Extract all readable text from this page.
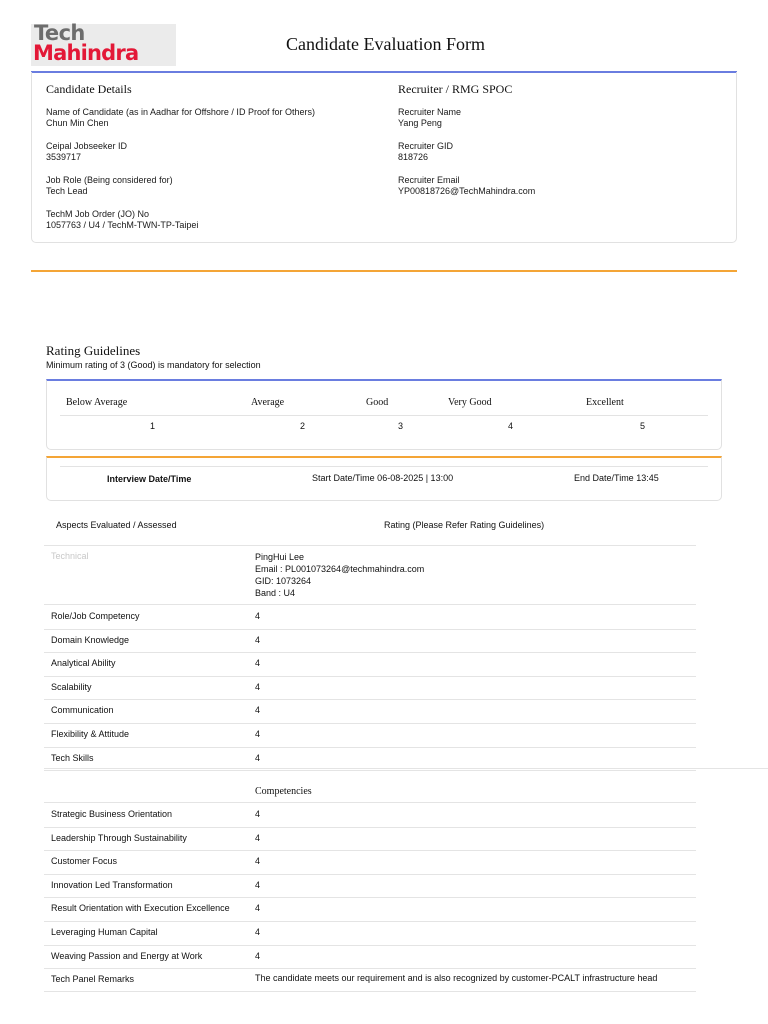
Tech
Mahindra	Candidate Evaluation Form
Candidate Details
Name of Candidate (as in Aadhar for Offshore / ID Proof for Others)
Chun Min Chen
Ceipal Jobseeker ID
3539717
Job Role (Being considered for)
Tech Lead
TechM Job Order (JO) No
1057763 / U4 / TechM-TWN-TP-Taipei
Recruiter / RMG SPOC
Recruiter Name
Yang Peng
Recruiter GID
818726
Recruiter Email
YP00818726@TechMahindra.com
Rating Guidelines
Minimum rating of 3 (Good) is mandatory for selection
Below Average	Average	Good	Very Good	Excellent
1	2	3	4	5
Interview Date/Time	Start Date/Time 06-08-2025 | 13:00	End Date/Time 13:45
Aspects Evaluated / Assessed	Rating (Please Refer Rating Guidelines)
Technical	PingHui Lee
Email : PL001073264@techmahindra.com
GID: 1073264
Band : U4
Role/Job Competency	4
Domain Knowledge	4
Analytical Ability	4
Scalability	4
Communication	4
Flexibility & Attitude	4
Tech Skills	4
Competencies
Strategic Business Orientation	4
Leadership Through Sustainability	4
Customer Focus	4
Innovation Led Transformation	4
Result Orientation with Execution Excellence	4
Leveraging Human Capital	4
Weaving Passion and Energy at Work	4
Tech Panel Remarks	The candidate meets our requirement and is also recognized by customer-PCALT infrastructure head
